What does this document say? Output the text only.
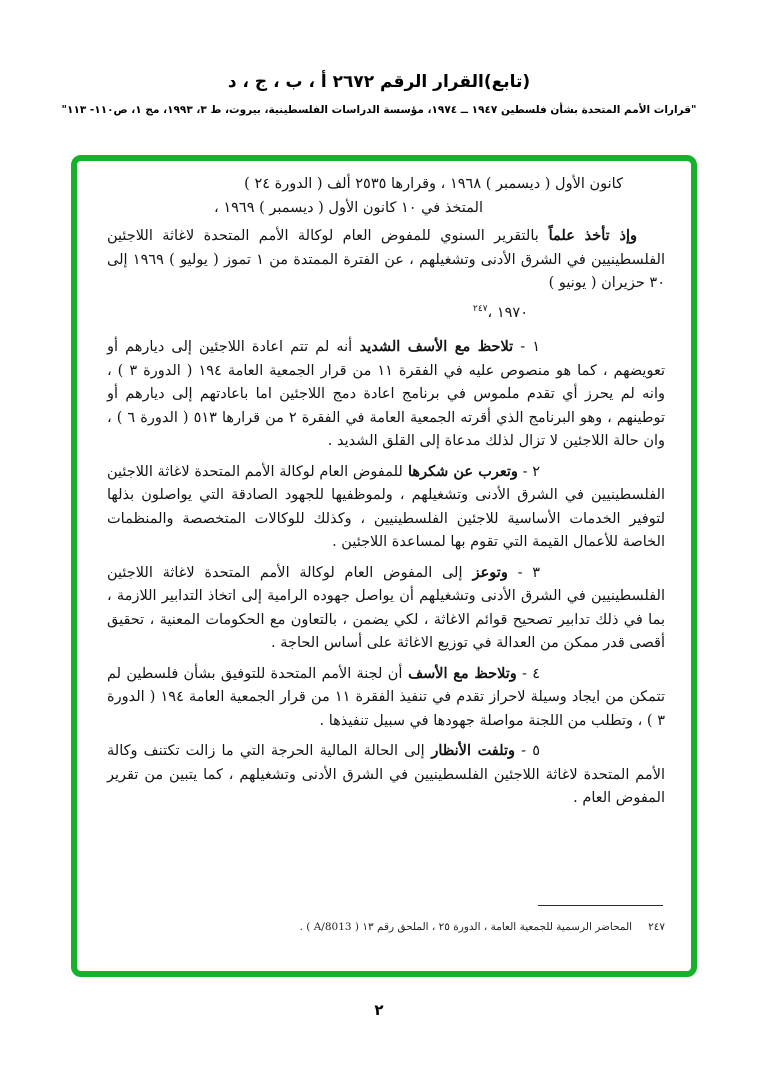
(تابع)القرار الرقم ٢٦٧٢ أ ، ب ، ج ، د
"قرارات الأمم المتحدة بشأن فلسطين ١٩٤٧ ــ ١٩٧٤، مؤسسة الدراسات الفلسطينية، بيروت، ط ٣، ١٩٩٣، مج ١، ص١١٠- ١١٣"
كانون الأول ( ديسمبر ) ١٩٦٨ ، وقرارها ٢٥٣٥ ألف ( الدورة ٢٤ )
المتخذ في ١٠ كانون الأول ( ديسمبر ) ١٩٦٩ ،

وإذ تأخذ علماً بالتقرير السنوي للمفوض العام لوكالة الأمم المتحدة لاغاثة اللاجئين الفلسطينيين في الشرق الأدنى وتشغيلهم ، عن الفترة الممتدة من ١ تموز ( يوليو ) ١٩٦٩ إلى ٣٠ حزيران ( يونيو )

١٩٧٠ ،$^{٢٤٧}$

١ - تلاحظ مع الأسف الشديد أنه لم تتم اعادة اللاجئين إلى ديارهم أو تعويضهم ، كما هو منصوص عليه في الفقرة ١١ من قرار الجمعية العامة ١٩٤ ( الدورة ٣ ) ، وانه لم يحرز أي تقدم ملموس في برنامج اعادة دمج اللاجئين اما باعادتهم إلى ديارهم أو توطينهم ، وهو البرنامج الذي أقرته الجمعية العامة في الفقرة ٢ من قرارها ٥١٣ ( الدورة ٦ ) ، وان حالة اللاجئين لا تزال لذلك مدعاة إلى القلق الشديد .

٢ - وتعرب عن شكرها للمفوض العام لوكالة الأمم المتحدة لاغاثة اللاجئين الفلسطينيين في الشرق الأدنى وتشغيلهم ، ولموظفيها للجهود الصادقة التي يواصلون بذلها لتوفير الخدمات الأساسية للاجئين الفلسطينيين ، وكذلك للوكالات المتخصصة والمنظمات الخاصة للأعمال القيمة التي تقوم بها لمساعدة اللاجئين .

٣ - وتوعز إلى المفوض العام لوكالة الأمم المتحدة لاغاثة اللاجئين الفلسطينيين في الشرق الأدنى وتشغيلهم أن يواصل جهوده الرامية إلى اتخاذ التدابير اللازمة ، بما في ذلك تدابير تصحيح قوائم الاغاثة ، لكي يضمن ، بالتعاون مع الحكومات المعنية ، تحقيق أقصى قدر ممكن من العدالة في توزيع الاغاثة على أساس الحاجة .

٤ - وتلاحظ مع الأسف أن لجنة الأمم المتحدة للتوفيق بشأن فلسطين لم تتمكن من ايجاد وسيلة لاحراز تقدم في تنفيذ الفقرة ١١ من قرار الجمعية العامة ١٩٤ ( الدورة ٣ ) ، وتطلب من اللجنة مواصلة جهودها في سبيل تنفيذها .

٥ - وتلفت الأنظار إلى الحالة المالية الحرجة التي ما زالت تكتنف وكالة الأمم المتحدة لاغاثة اللاجئين الفلسطينيين في الشرق الأدنى وتشغيلهم ، كما يتبين من تقرير المفوض العام .

٢٤٧المحاضر الرسمية للجمعية العامة ، الدورة ٢٥ ، الملحق رقم ١٣ ( A/8013 ) .
٢
